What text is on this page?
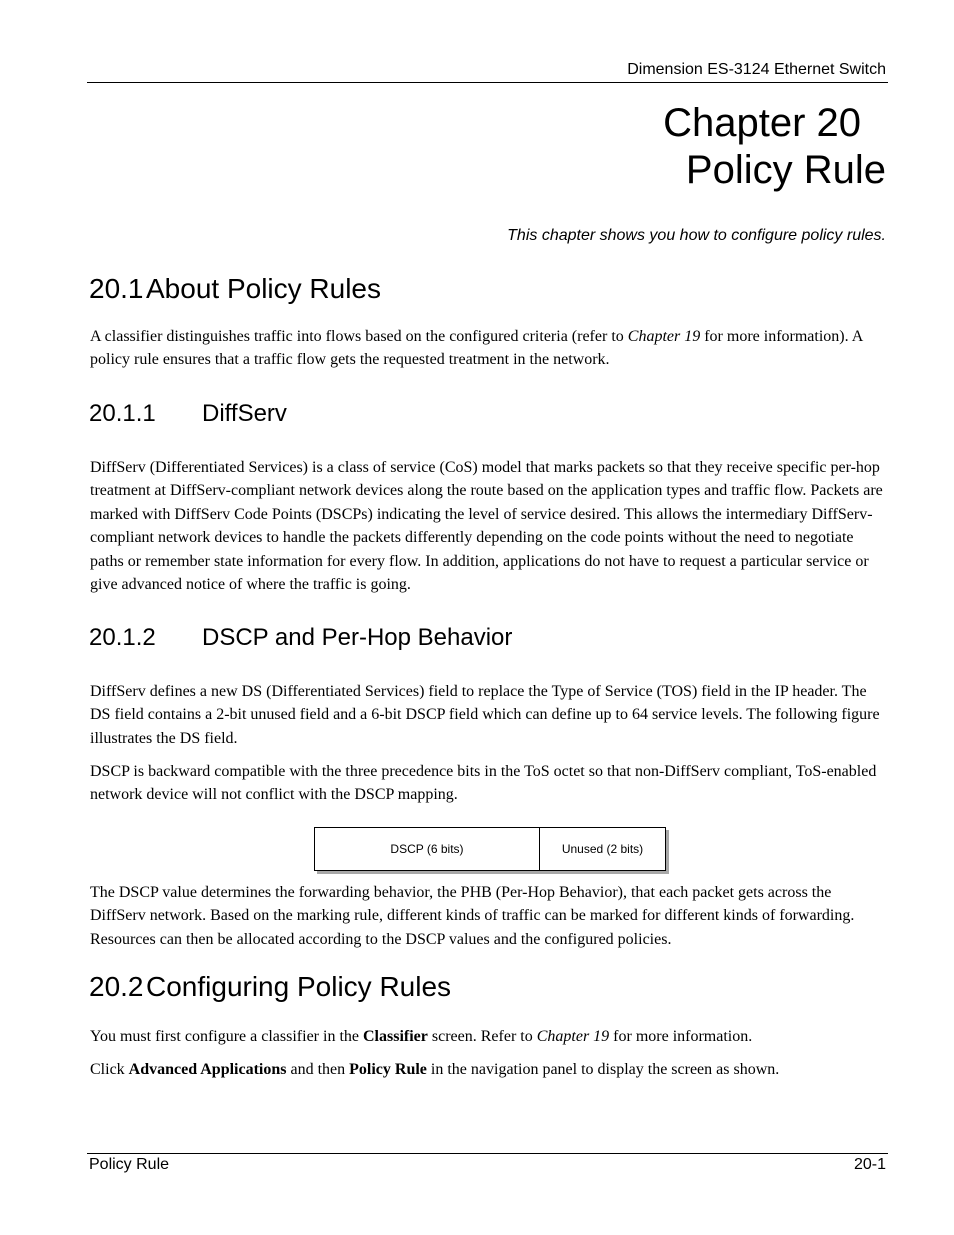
Dimension ES-3124 Ethernet Switch
Chapter 20
Policy Rule
This chapter shows you how to configure policy rules.
20.1About Policy Rules
A classifier distinguishes traffic into flows based on the configured criteria (refer to Chapter 19 for more information). A policy rule ensures that a traffic flow gets the requested treatment in the network.
20.1.1 DiffServ
DiffServ (Differentiated Services) is a class of service (CoS) model that marks packets so that they receive specific per-hop treatment at DiffServ-compliant network devices along the route based on the application types and traffic flow. Packets are marked with DiffServ Code Points (DSCPs) indicating the level of service desired. This allows the intermediary DiffServ-compliant network devices to handle the packets differently depending on the code points without the need to negotiate paths or remember state information for every flow. In addition, applications do not have to request a particular service or give advanced notice of where the traffic is going.
20.1.2 DSCP and Per-Hop Behavior
DiffServ defines a new DS (Differentiated Services) field to replace the Type of Service (TOS) field in the IP header. The DS field contains a 2-bit unused field and a 6-bit DSCP field which can define up to 64 service levels. The following figure illustrates the DS field.
DSCP is backward compatible with the three precedence bits in the ToS octet so that non-DiffServ compliant, ToS-enabled network device will not conflict with the DSCP mapping.
DSCP (6 bits)	Unused (2 bits)
The DSCP value determines the forwarding behavior, the PHB (Per-Hop Behavior), that each packet gets across the DiffServ network. Based on the marking rule, different kinds of traffic can be marked for different kinds of forwarding. Resources can then be allocated according to the DSCP values and the configured policies.
20.2Configuring Policy Rules
You must first configure a classifier in the Classifier screen. Refer to Chapter 19 for more information.
Click Advanced Applications and then Policy Rule in the navigation panel to display the screen as shown.
Policy Rule	20-1
